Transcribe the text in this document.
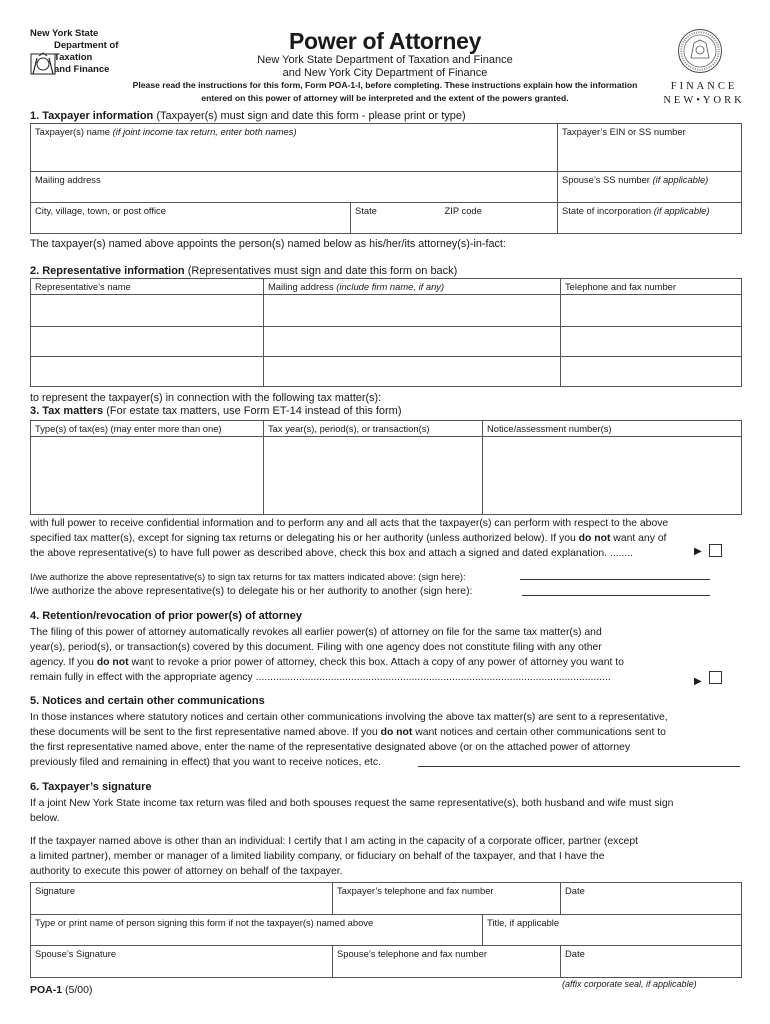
New York State
Department of
Taxation
and Finance
Power of Attorney
New York State Department of Taxation and Finance
and New York City Department of Finance
Please read the instructions for this form, Form POA-1-I, before completing. These instructions explain how the information
entered on this power of attorney will be interpreted and the extent of the powers granted.
FINANCE
NEW•YORK
1. Taxpayer information (Taxpayer(s) must sign and date this form - please print or type)
Taxpayer(s) name (if joint income tax return, enter both names)			Taxpayer’s EIN or SS number
Mailing address			Spouse’s SS number (if applicable)
City, village, town, or post office	State	ZIP code	State of incorporation (if applicable)
The taxpayer(s) named above appoints the person(s) named below as his/her/its attorney(s)-in-fact:
2. Representative information (Representatives must sign and date this form on back)
Representative’s name	Mailing address (include firm name, if any)	Telephone and fax number

to represent the taxpayer(s) in connection with the following tax matter(s):
3. Tax matters (For estate tax matters, use Form ET-14 instead of this form)
Type(s) of tax(es) (may enter more than one)	Tax year(s), period(s), or transaction(s)	Notice/assessment number(s)

with full power to receive confidential information and to perform any and all acts that the taxpayer(s) can perform with respect to the above
specified tax matter(s), except for signing tax returns or delegating his or her authority (unless authorized below). If you do not want any of
the above representative(s) to have full power as described above, check this box and attach a signed and dated explanation. ........	▶
I/we authorize the above representative(s) to sign tax returns for tax matters indicated above: (sign here):
I/we authorize the above representative(s) to delegate his or her authority to another (sign here):
4. Retention/revocation of prior power(s) of attorney
The filing of this power of attorney automatically revokes all earlier power(s) of attorney on file for the same tax matter(s) and
year(s), period(s), or transaction(s) covered by this document. Filing with one agency does not constitute filing with any other
agency. If you do not want to revoke a prior power of attorney, check this box. Attach a copy of any power of attorney you want to
remain fully in effect with the appropriate agency ...........................................................................................................................	▶
5. Notices and certain other communications
In those instances where statutory notices and certain other communications involving the above tax matter(s) are sent to a representative,
these documents will be sent to the first representative named above. If you do not want notices and certain other communications sent to
the first representative named above, enter the name of the representative designated above (or on the attached power of attorney
previously filed and remaining in effect) that you want to receive notices, etc.
6. Taxpayer’s signature
If a joint New York State income tax return was filed and both spouses request the same representative(s), both husband and wife must sign
below.
If the taxpayer named above is other than an individual: I certify that I am acting in the capacity of a corporate officer, partner (except
a limited partner), member or manager of a limited liability company, or fiduciary on behalf of the taxpayer, and that I have the
authority to execute this power of attorney on behalf of the taxpayer.
Signature	Taxpayer’s telephone and fax number		Date
Type or print name of person signing this form if not the taxpayer(s) named above		Title, if applicable	
Spouse’s Signature	Spouse’s telephone and fax number		Date
POA-1 (5/00)	(affix corporate seal, if applicable)
